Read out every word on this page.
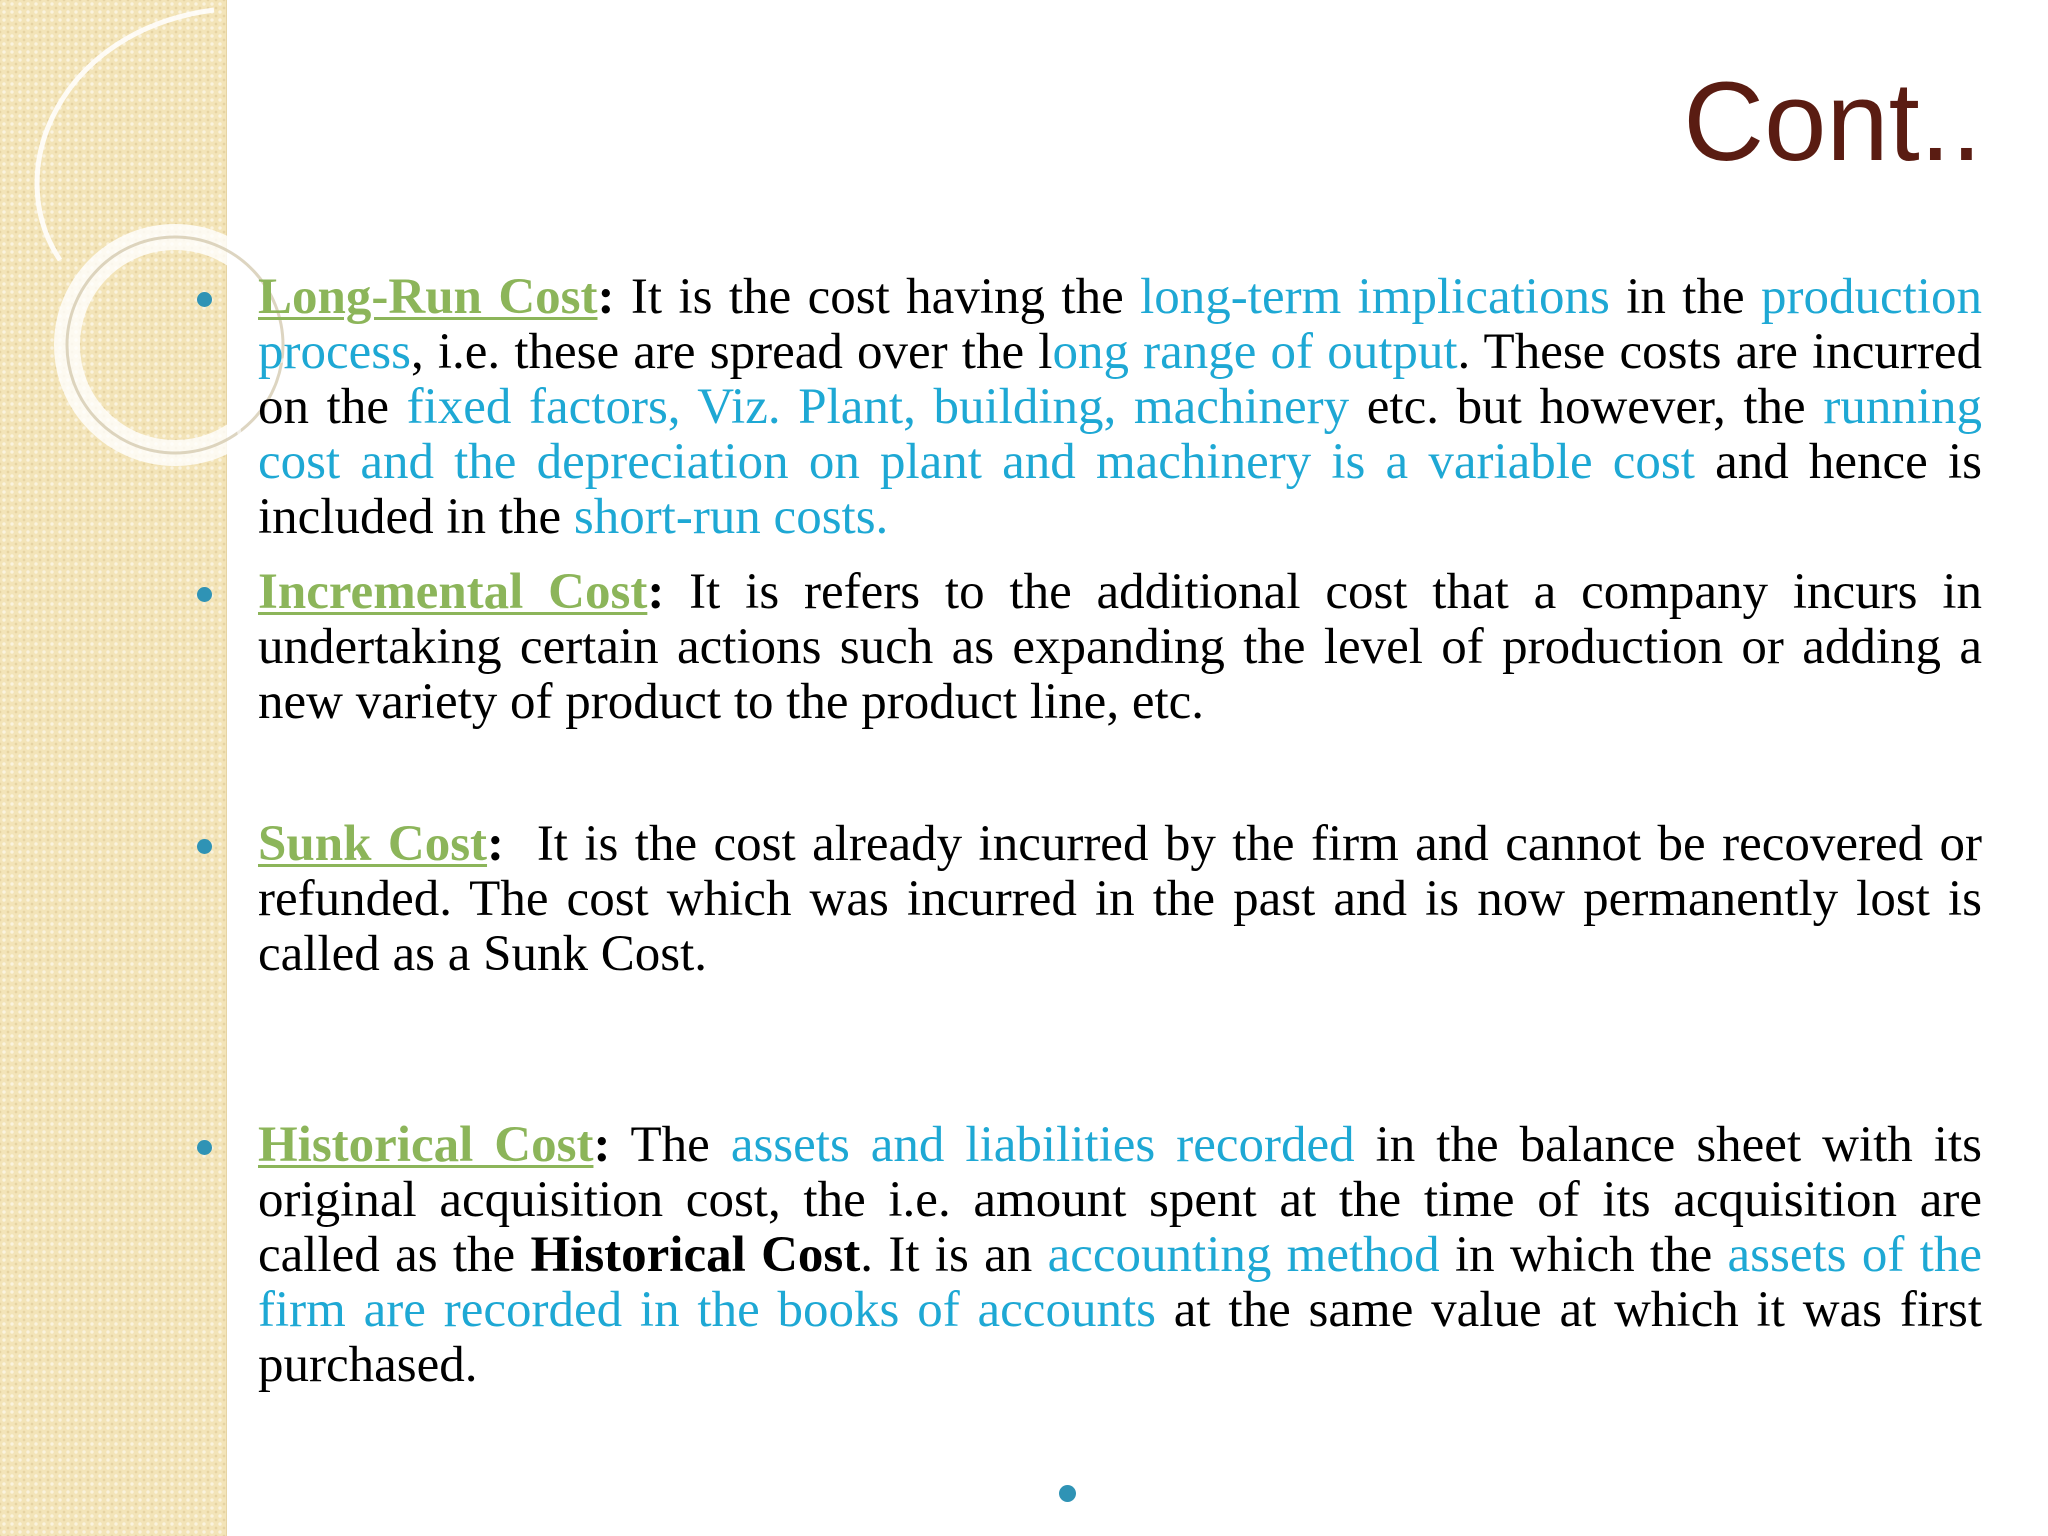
Cont..
Long-Run Cost: It is the cost having the long-term implications in the production process, i.e. these are spread over the long range of output. These costs are incurred on the fixed factors, Viz. Plant, building, machinery etc. but however, the running cost and the depreciation on plant and machinery is a variable cost and hence is included in the short-run costs.
Incremental Cost: It is refers to the additional cost that a company incurs in undertaking certain actions such as expanding the level of production or adding a new variety of product to the product line, etc.
Sunk Cost:  It is the cost already incurred by the firm and cannot be recovered or refunded. The cost which was incurred in the past and is now permanently lost is called as a Sunk Cost.
Historical Cost: The assets and liabilities recorded in the balance sheet with its original acquisition cost, the i.e. amount spent at the time of its acquisition are called as the Historical Cost. It is an accounting method in which the assets of the firm are recorded in the books of accounts at the same value at which it was first purchased.
